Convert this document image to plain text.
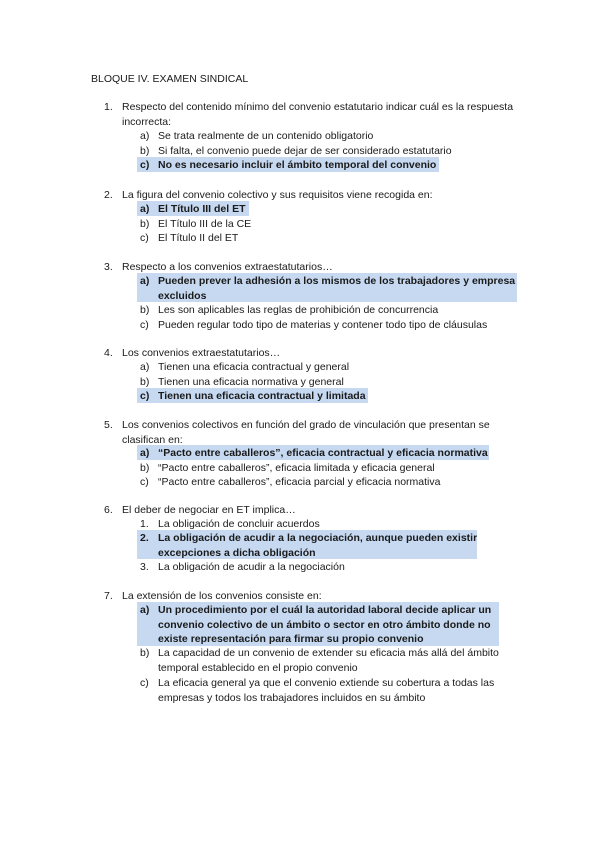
BLOQUE IV. EXAMEN SINDICAL
1. Respecto del contenido mínimo del convenio estatutario indicar cuál es la respuesta incorrecta:
a) Se trata realmente de un contenido obligatorio
b) Si falta, el convenio puede dejar de ser considerado estatutario
c) No es necesario incluir el ámbito temporal del convenio
2. La figura del convenio colectivo y sus requisitos viene recogida en:
a) El Título III del ET
b) El Título III de la CE
c) El Título II del ET
3. Respecto a los convenios extraestatutarios…
a) Pueden prever la adhesión a los mismos de los trabajadores y empresa excluidos
b) Les son aplicables las reglas de prohibición de concurrencia
c) Pueden regular todo tipo de materias y contener todo tipo de cláusulas
4. Los convenios extraestatutarios…
a) Tienen una eficacia contractual y general
b) Tienen una eficacia normativa y general
c) Tienen una eficacia contractual y limitada
5. Los convenios colectivos en función del grado de vinculación que presentan se clasifican en:
a) “Pacto entre caballeros”, eficacia contractual y eficacia normativa
b) “Pacto entre caballeros”, eficacia limitada y eficacia general
c) “Pacto entre caballeros”, eficacia parcial y eficacia normativa
6. El deber de negociar en ET implica…
1. La obligación de concluir acuerdos
2. La obligación de acudir a la negociación, aunque pueden existir excepciones a dicha obligación
3. La obligación de acudir a la negociación
7. La extensión de los convenios consiste en:
a) Un procedimiento por el cuál la autoridad laboral decide aplicar un convenio colectivo de un ámbito o sector en otro ámbito donde no existe representación para firmar su propio convenio
b) La capacidad de un convenio de extender su eficacia más allá del ámbito temporal establecido en el propio convenio
c) La eficacia general ya que el convenio extiende su cobertura a todas las empresas y todos los trabajadores incluidos en su ámbito
